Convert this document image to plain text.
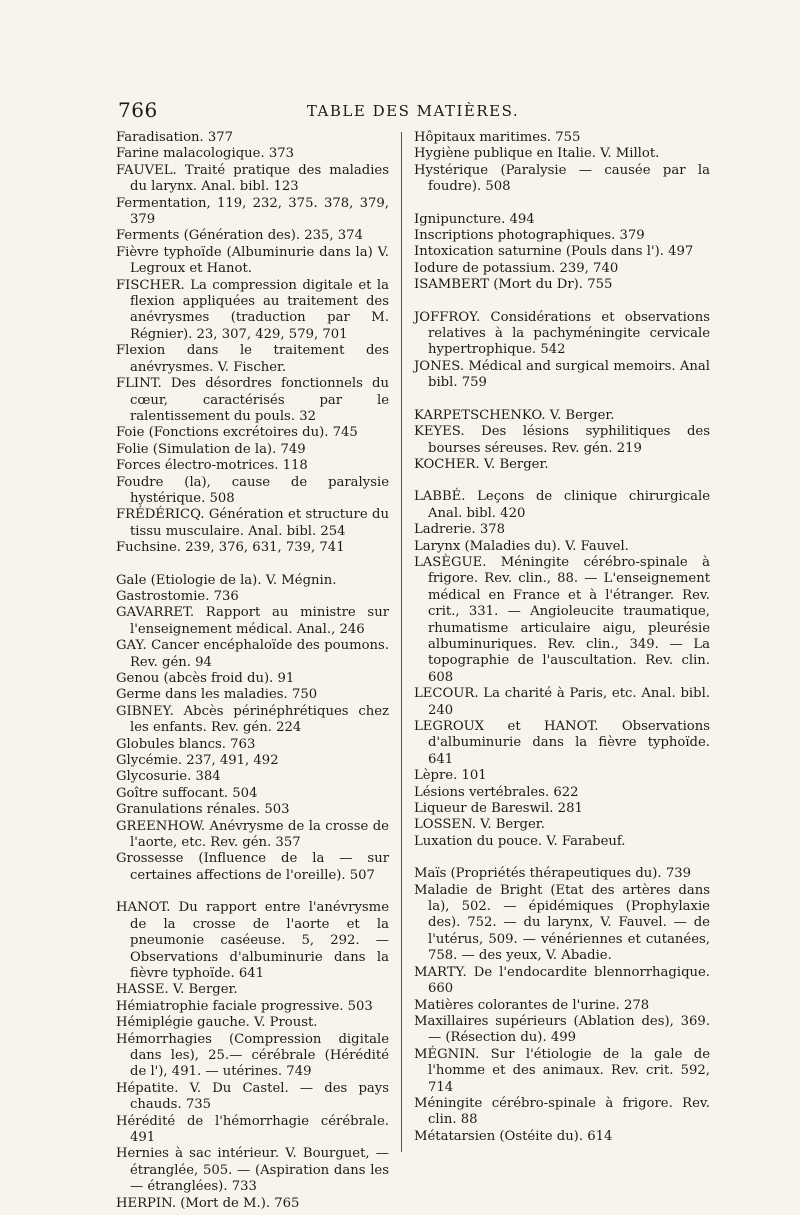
766	TABLE DES MATIÈRES.
Faradisation. 377
Farine malacologique. 373
FAUVEL. Traité pratique des maladies du larynx. Anal. bibl. 123
Fermentation, 119, 232, 375. 378, 379, 379
Ferments (Génération des). 235, 374
Fièvre typhoïde (Albuminurie dans la) V. Legroux et Hanot.
FISCHER. La compression digitale et la flexion appliquées au traitement des anévrysmes (traduction par M. Régnier). 23, 307, 429, 579, 701
Flexion dans le traitement des anévrysmes. V. Fischer.
FLINT. Des désordres fonctionnels du cœur, caractérisés par le ralentissement du pouls. 32
Foie (Fonctions excrétoires du). 745
Folie (Simulation de la). 749
Forces électro-motrices. 118
Foudre (la), cause de paralysie hystérique. 508
FRÉDÉRICQ. Génération et structure du tissu musculaire. Anal. bibl. 254
Fuchsine. 239, 376, 631, 739, 741
Gale (Etiologie de la). V. Mégnin.
Gastrostomie. 736
GAVARRET. Rapport au ministre sur l'enseignement médical. Anal., 246
GAY. Cancer encéphaloïde des poumons. Rev. gén. 94
Genou (abcès froid du). 91
Germe dans les maladies. 750
GIBNEY. Abcès périnéphrétiques chez les enfants. Rev. gén. 224
Globules blancs. 763
Glycémie. 237, 491, 492
Glycosurie. 384
Goître suffocant. 504
Granulations rénales. 503
GREENHOW. Anévrysme de la crosse de l'aorte, etc. Rev. gén. 357
Grossesse (Influence de la — sur certaines affections de l'oreille). 507
HANOT. Du rapport entre l'anévrysme de la crosse de l'aorte et la pneumonie caséeuse. 5, 292. — Observations d'albuminurie dans la fièvre typhoïde. 641
HASSE. V. Berger.
Hémiatrophie faciale progressive. 503
Hémiplégie gauche. V. Proust.
Hémorrhagies (Compression digitale dans les), 25.— cérébrale (Hérédité de l'), 491. — utérines. 749
Hépatite. V. Du Castel. — des pays chauds. 735
Hérédité de l'hémorrhagie cérébrale. 491
Hernies à sac intérieur. V. Bourguet, — étranglée, 505. — (Aspiration dans les — étranglées). 733
HERPIN. (Mort de M.). 765
Hôpitaux maritimes. 755
Hygiène publique en Italie. V. Millot.
Hystérique (Paralysie — causée par la foudre). 508
Ignipuncture. 494
Inscriptions photographiques. 379
Intoxication saturnine (Pouls dans l'). 497
Iodure de potassium. 239, 740
ISAMBERT (Mort du Dr). 755
JOFFROY. Considérations et observations relatives à la pachyméningite cervicale hypertrophique. 542
JONES. Médical and surgical memoirs. Anal bibl. 759
KARPETSCHENKO. V. Berger.
KEYES. Des lésions syphilitiques des bourses séreuses. Rev. gén. 219
KOCHER. V. Berger.
LABBÉ. Leçons de clinique chirurgicale Anal. bibl. 420
Ladrerie. 378
Larynx (Maladies du). V. Fauvel.
LASÈGUE. Méningite cérébro-spinale à frigore. Rev. clin., 88. — L'enseignement médical en France et à l'étranger. Rev. crit., 331. — Angioleucite traumatique, rhumatisme articulaire aigu, pleurésie albuminuriques. Rev. clin., 349. — La topographie de l'auscultation. Rev. clin. 608
LECOUR. La charité à Paris, etc. Anal. bibl. 240
LEGROUX et HANOT. Observations d'albuminurie dans la fièvre typhoïde. 641
Lèpre. 101
Lésions vertébrales. 622
Liqueur de Bareswil. 281
LOSSEN. V. Berger.
Luxation du pouce. V. Farabeuf.
Maïs (Propriétés thérapeutiques du). 739
Maladie de Bright (Etat des artères dans la), 502. — épidémiques (Prophylaxie des). 752. — du larynx, V. Fauvel. — de l'utérus, 509. — vénériennes et cutanées, 758. — des yeux, V. Abadie.
MARTY. De l'endocardite blennorrhagique. 660
Matières colorantes de l'urine. 278
Maxillaires supérieurs (Ablation des), 369. — (Résection du). 499
MÉGNIN. Sur l'étiologie de la gale de l'homme et des animaux. Rev. crit. 592, 714
Méningite cérébro-spinale à frigore. Rev. clin. 88
Métatarsien (Ostéite du). 614
